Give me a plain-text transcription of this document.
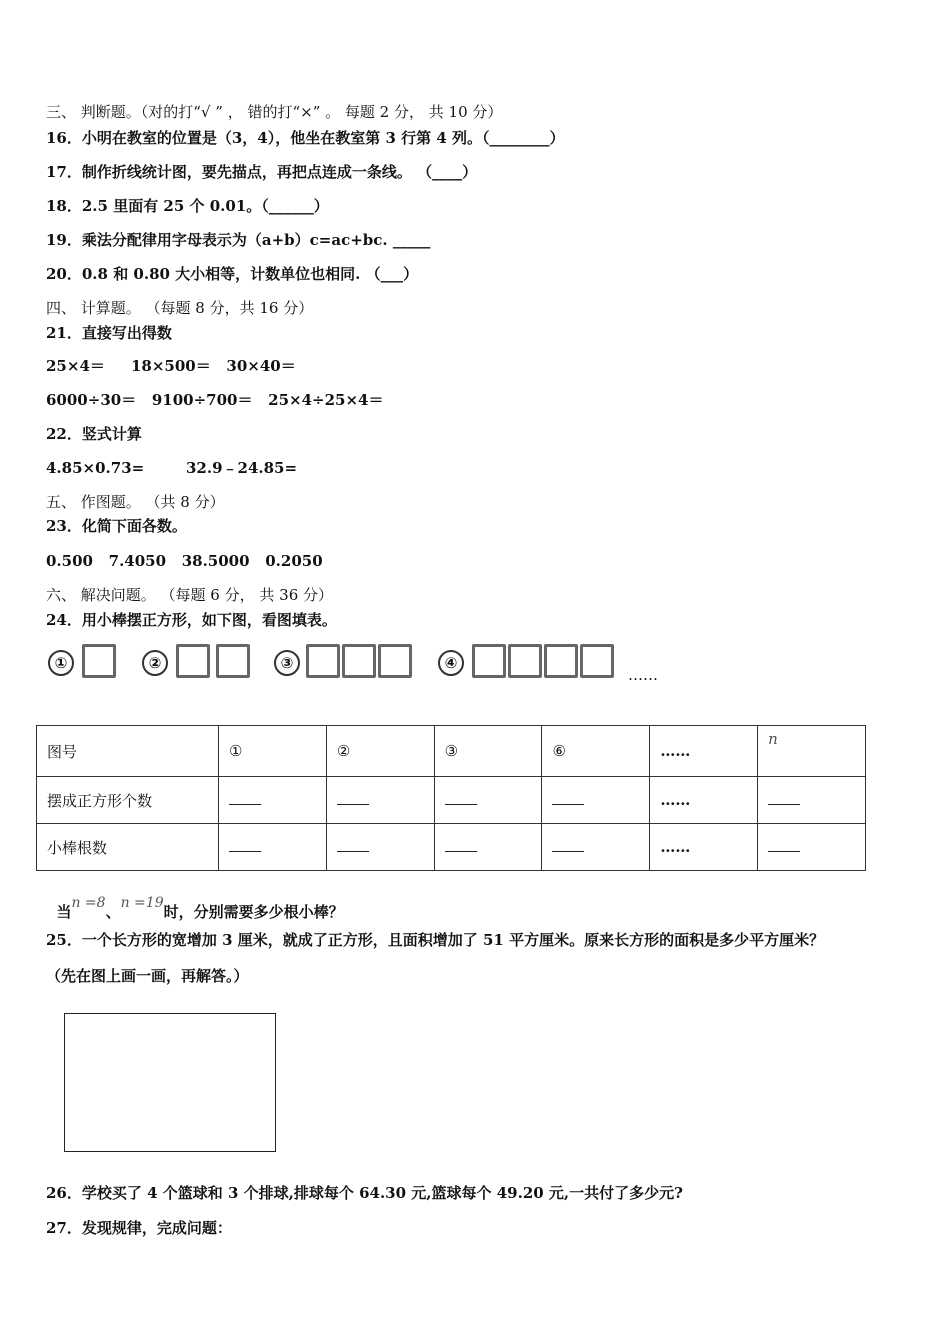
三、 判断题。（对的打“√ ” ， 错的打“×” 。 每题 2 分， 共 10 分）
16．小明在教室的位置是（3，4），他坐在教室第 3 行第 4 列。（________）
17．制作折线统计图，要先描点，再把点连成一条线。 （____）
18．2.5 里面有 25 个 0.01。（______）
19．乘法分配律用字母表示为（a+b）c=ac+bc. _____
20．0.8 和 0.80 大小相等，计数单位也相同. （___）
四、 计算题。 （每题 8 分，共 16 分）
21．直接写出得数
25×4＝     18×500＝   30×40＝
6000÷30＝   9100÷700＝   25×4÷25×4＝
22．竖式计算
4.85×0.73=        32.9﹣24.85=
五、 作图题。 （共 8 分）
23．化简下面各数。
0.500   7.4050   38.5000   0.2050
六、 解决问题。 （每题 6 分， 共 36 分）
24．用小棒摆正方形，如下图，看图填表。
①	②	③	④
……
图号	①	②	③	⑥	……	n
摆成正方形个数					……	
小棒根数					……	

当n =8、n =19时，分别需要多少根小棒？

25．一个长方形的宽增加 3 厘米，就成了正方形，且面积增加了 51 平方厘米。原来长方形的面积是多少平方厘米？
（先在图上画一画，再解答。）
26．学校买了 4 个篮球和 3 个排球,排球每个 64.30 元,篮球每个 49.20 元,一共付了多少元?
27．发现规律，完成问题：
